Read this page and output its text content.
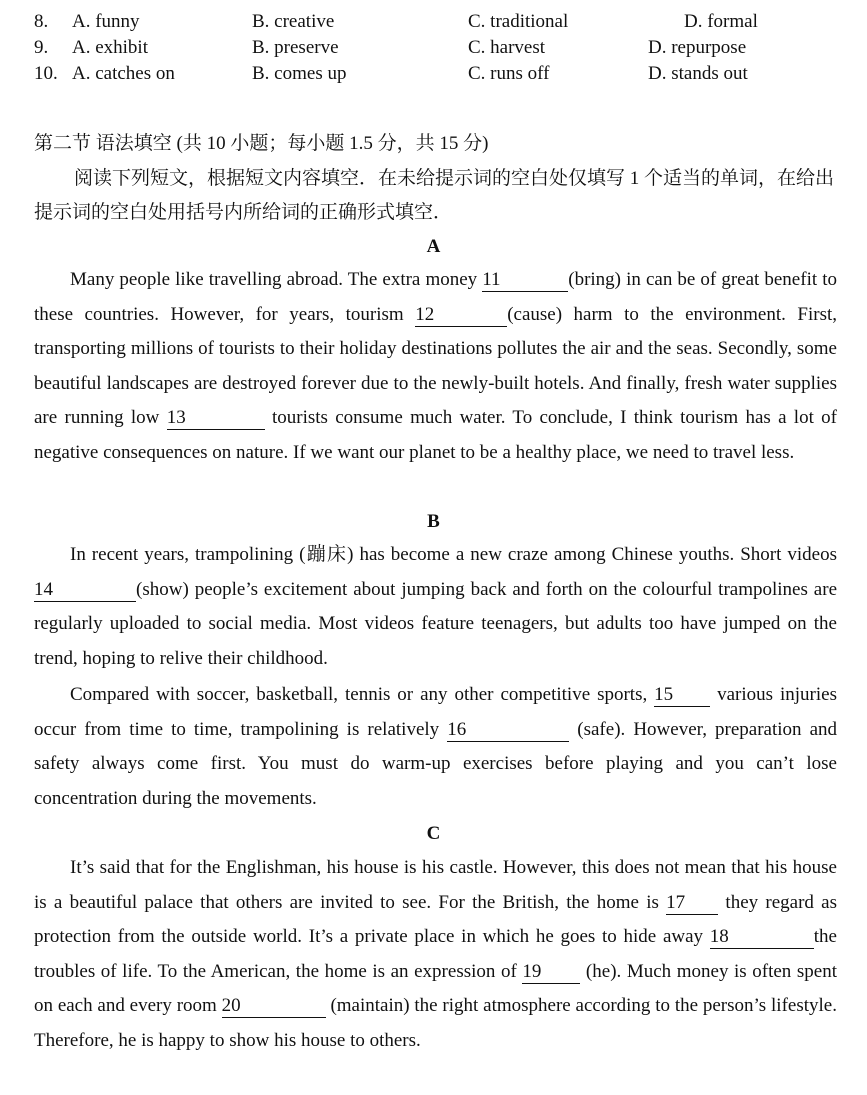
8. A. funny	B. creative	C. traditional	D. formal
9. A. exhibit	B. preserve	C. harvest	D. repurpose
10. A. catches on	B. comes up	C. runs off	D. stands out
第二节 语法填空 (共 10 小题；每小题 1.5 分，共 15 分)
阅读下列短文，根据短文内容填空．在未给提示词的空白处仅填写 1 个适当的单词，在给出提示词的空白处用括号内所给词的正确形式填空．
A
Many people like travelling abroad. The extra money 11	(bring) in can be of great benefit to these countries. However, for years, tourism 12	(cause) harm to the environment. First, transporting millions of tourists to their holiday destinations pollutes the air and the seas. Secondly, some beautiful landscapes are destroyed forever due to the newly-built hotels. And finally, fresh water supplies are running low 13	tourists consume much water. To conclude, I think tourism has a lot of negative consequences on nature. If we want our planet to be a healthy place, we need to travel less.
B
In recent years, trampolining (蹦床) has become a new craze among Chinese youths. Short videos 14	(show) people’s excitement about jumping back and forth on the colourful trampolines are regularly uploaded to social media. Most videos feature teenagers, but adults too have jumped on the trend, hoping to relive their childhood.
Compared with soccer, basketball, tennis or any other competitive sports, 15 various injuries occur from time to time, trampolining is relatively 16	(safe). However, preparation and safety always come first. You must do warm-up exercises before playing and you can’t lose concentration during the movements.
C
It’s said that for the Englishman, his house is his castle. However, this does not mean that his house is a beautiful palace that others are invited to see. For the British, the home is 17 they regard as protection from the outside world. It’s a private place in which he goes to hide away 18	the troubles of life. To the American, the home is an expression of 19 (he). Much money is often spent on each and every room 20	(maintain) the right atmosphere according to the person’s lifestyle. Therefore, he is happy to show his house to others.
